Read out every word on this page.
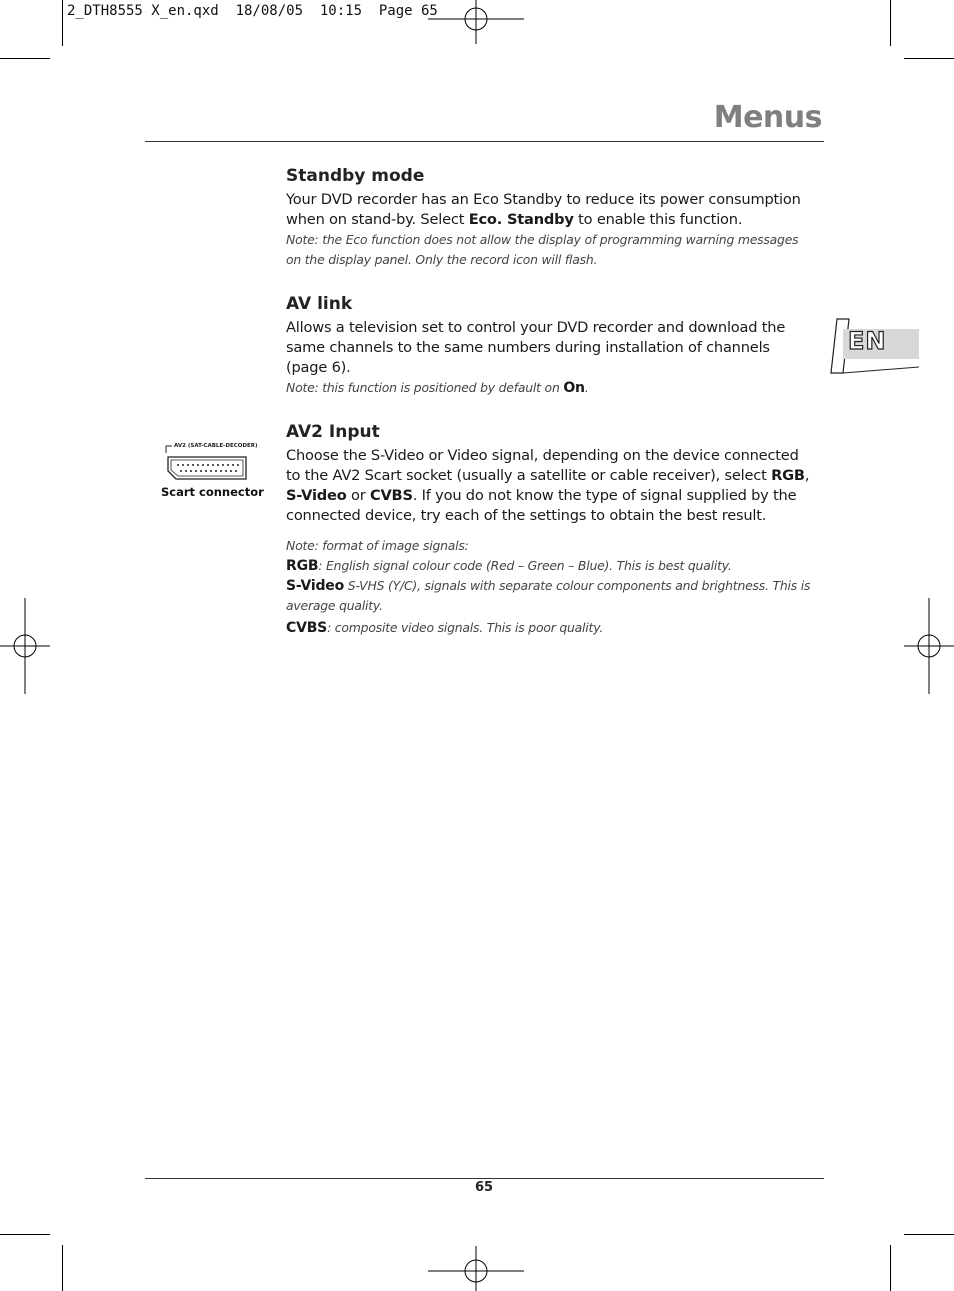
2_DTH8555 X_en.qxd  18/08/05  10:15  Page 65
Menus
EN
AV2 (SAT-CABLE-DECODER)
Scart connector
Standby mode

Your DVD recorder has an Eco Standby to reduce its power consumption when on stand-by. Select Eco. Standby to enable this function.

Note: the Eco function does not allow the display of programming warning messages on the display panel. Only the record icon will flash.

AV link

Allows a television set to control your DVD recorder and download the same channels to the same numbers during installation of channels (page 6).

Note: this function is positioned by default on On.

AV2 Input

Choose the S-Video or Video signal, depending on the device connected to the AV2 Scart socket (usually a satellite or cable receiver), select RGB, S-Video or CVBS. If you do not know the type of signal supplied by the connected device, try each of the settings to obtain the best result.

Note: format of image signals:

RGB: English signal colour code (Red – Green – Blue). This is best quality.

S-Video S-VHS (Y/C), signals with separate colour components and brightness. This is average quality.

CVBS: composite video signals. This is poor quality.

65
